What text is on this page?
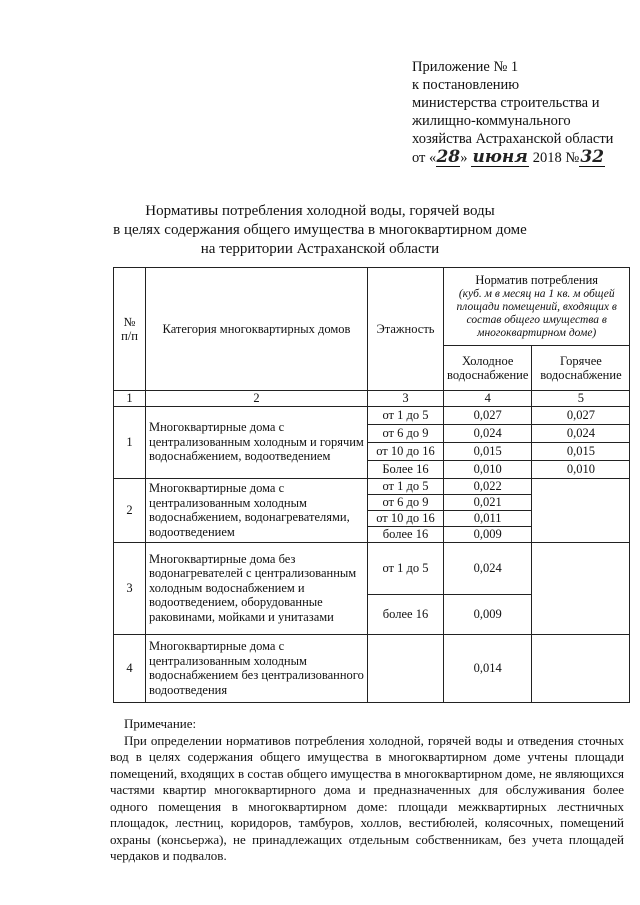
Приложение № 1
к постановлению
министерства строительства и
жилищно-коммунального
хозяйства Астраханской области
от «28» июня 2018 №32
Нормативы потребления холодной воды, горячей воды
в целях содержания общего имущества в многоквартирном доме
на территории Астраханской области
№ п/п	Категория многоквартирных домов	Этажность	Норматив потребления
(куб. м в месяц на 1 кв. м общей площади помещений, входящих в состав общего имущества в многоквартирном доме)	

			Холодное водоснабжение	Горячее водоснабжение
1	2	3	4	5
1	Многоквартирные дома с централизованным холодным и горячим водоснабжением, водоотведением	от 1 до 5	0,027	0,027
		от 6 до 9	0,024	0,024
		от 10 до 16	0,015	0,015
		Более 16	0,010	0,010
2	Многоквартирные дома с централизованным холодным водоснабжением, водонагревателями, водоотведением	от 1 до 5	0,022	
		от 6 до 9	0,021	
		от 10 до 16	0,011	
		более 16	0,009	
3	Многоквартирные дома без водонагревателей с централизованным холодным водоснабжением и водоотведением, оборудованные раковинами, мойками и унитазами	от 1 до 5	0,024	
		более 16	0,009	
4	Многоквартирные дома с централизованным холодным водоснабжением без централизованного водоотведения		0,014	

Примечание:

При определении нормативов потребления холодной, горячей воды и отведения сточных вод в целях содержания общего имущества в многоквартирном доме учтены площади помещений, входящих в состав общего имущества в многоквартирном доме, не являющихся частями квартир многоквартирного дома и предназначенных для обслуживания более одного помещения в многоквартирном доме: площади межквартирных лестничных площадок, лестниц, коридоров, тамбуров, холлов, вестибюлей, колясочных, помещений охраны (консьержа), не принадлежащих отдельным собственникам, без учета площадей чердаков и подвалов.
